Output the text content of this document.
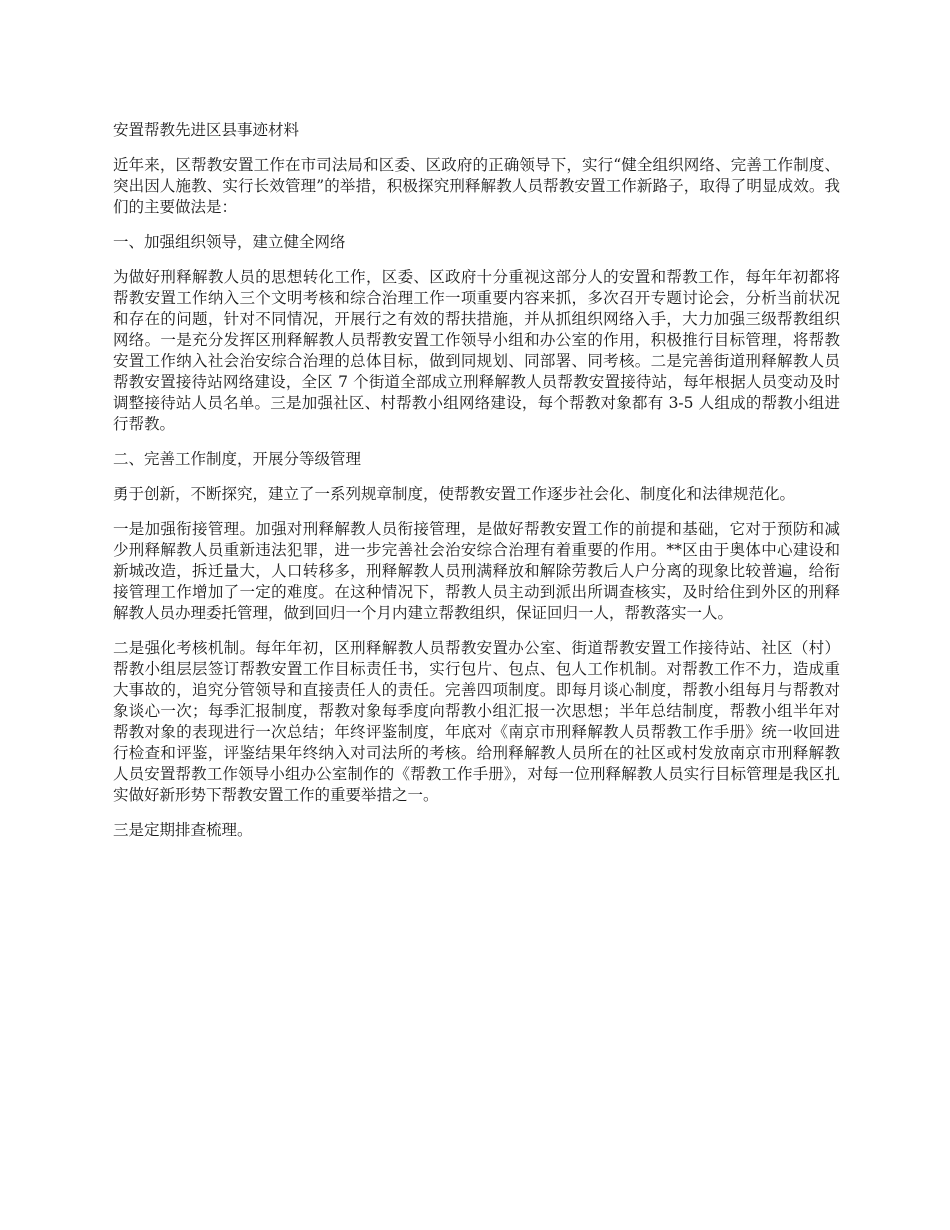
安置帮教先进区县事迹材料

近年来，区帮教安置工作在市司法局和区委、区政府的正确领导下，实行“健全组织网络、完善工作制度、突出因人施教、实行长效管理”的举措，积极探究刑释解教人员帮教安置工作新路子，取得了明显成效。我们的主要做法是：

一、加强组织领导，建立健全网络

为做好刑释解教人员的思想转化工作，区委、区政府十分重视这部分人的安置和帮教工作，每年年初都将帮教安置工作纳入三个文明考核和综合治理工作一项重要内容来抓，多次召开专题讨论会，分析当前状况和存在的问题，针对不同情况，开展行之有效的帮扶措施，并从抓组织网络入手，大力加强三级帮教组织网络。一是充分发挥区刑释解教人员帮教安置工作领导小组和办公室的作用，积极推行目标管理，将帮教安置工作纳入社会治安综合治理的总体目标，做到同规划、同部署、同考核。二是完善街道刑释解教人员帮教安置接待站网络建设，全区 7 个街道全部成立刑释解教人员帮教安置接待站，每年根据人员变动及时调整接待站人员名单。三是加强社区、村帮教小组网络建设，每个帮教对象都有 3-5 人组成的帮教小组进行帮教。

二、完善工作制度，开展分等级管理

勇于创新，不断探究，建立了一系列规章制度，使帮教安置工作逐步社会化、制度化和法律规范化。

一是加强衔接管理。加强对刑释解教人员衔接管理，是做好帮教安置工作的前提和基础，它对于预防和减少刑释解教人员重新违法犯罪，进一步完善社会治安综合治理有着重要的作用。**区由于奥体中心建设和新城改造，拆迁量大，人口转移多，刑释解教人员刑满释放和解除劳教后人户分离的现象比较普遍，给衔接管理工作增加了一定的难度。在这种情况下，帮教人员主动到派出所调查核实，及时给住到外区的刑释解教人员办理委托管理，做到回归一个月内建立帮教组织，保证回归一人，帮教落实一人。

二是强化考核机制。每年年初，区刑释解教人员帮教安置办公室、街道帮教安置工作接待站、社区（村）帮教小组层层签订帮教安置工作目标责任书，实行包片、包点、包人工作机制。对帮教工作不力，造成重大事故的，追究分管领导和直接责任人的责任。完善四项制度。即每月谈心制度，帮教小组每月与帮教对象谈心一次；每季汇报制度，帮教对象每季度向帮教小组汇报一次思想；半年总结制度，帮教小组半年对帮教对象的表现进行一次总结；年终评鉴制度，年底对《南京市刑释解教人员帮教工作手册》统一收回进行检查和评鉴，评鉴结果年终纳入对司法所的考核。给刑释解教人员所在的社区或村发放南京市刑释解教人员安置帮教工作领导小组办公室制作的《帮教工作手册》，对每一位刑释解教人员实行目标管理是我区扎实做好新形势下帮教安置工作的重要举措之一。

三是定期排查梳理。
